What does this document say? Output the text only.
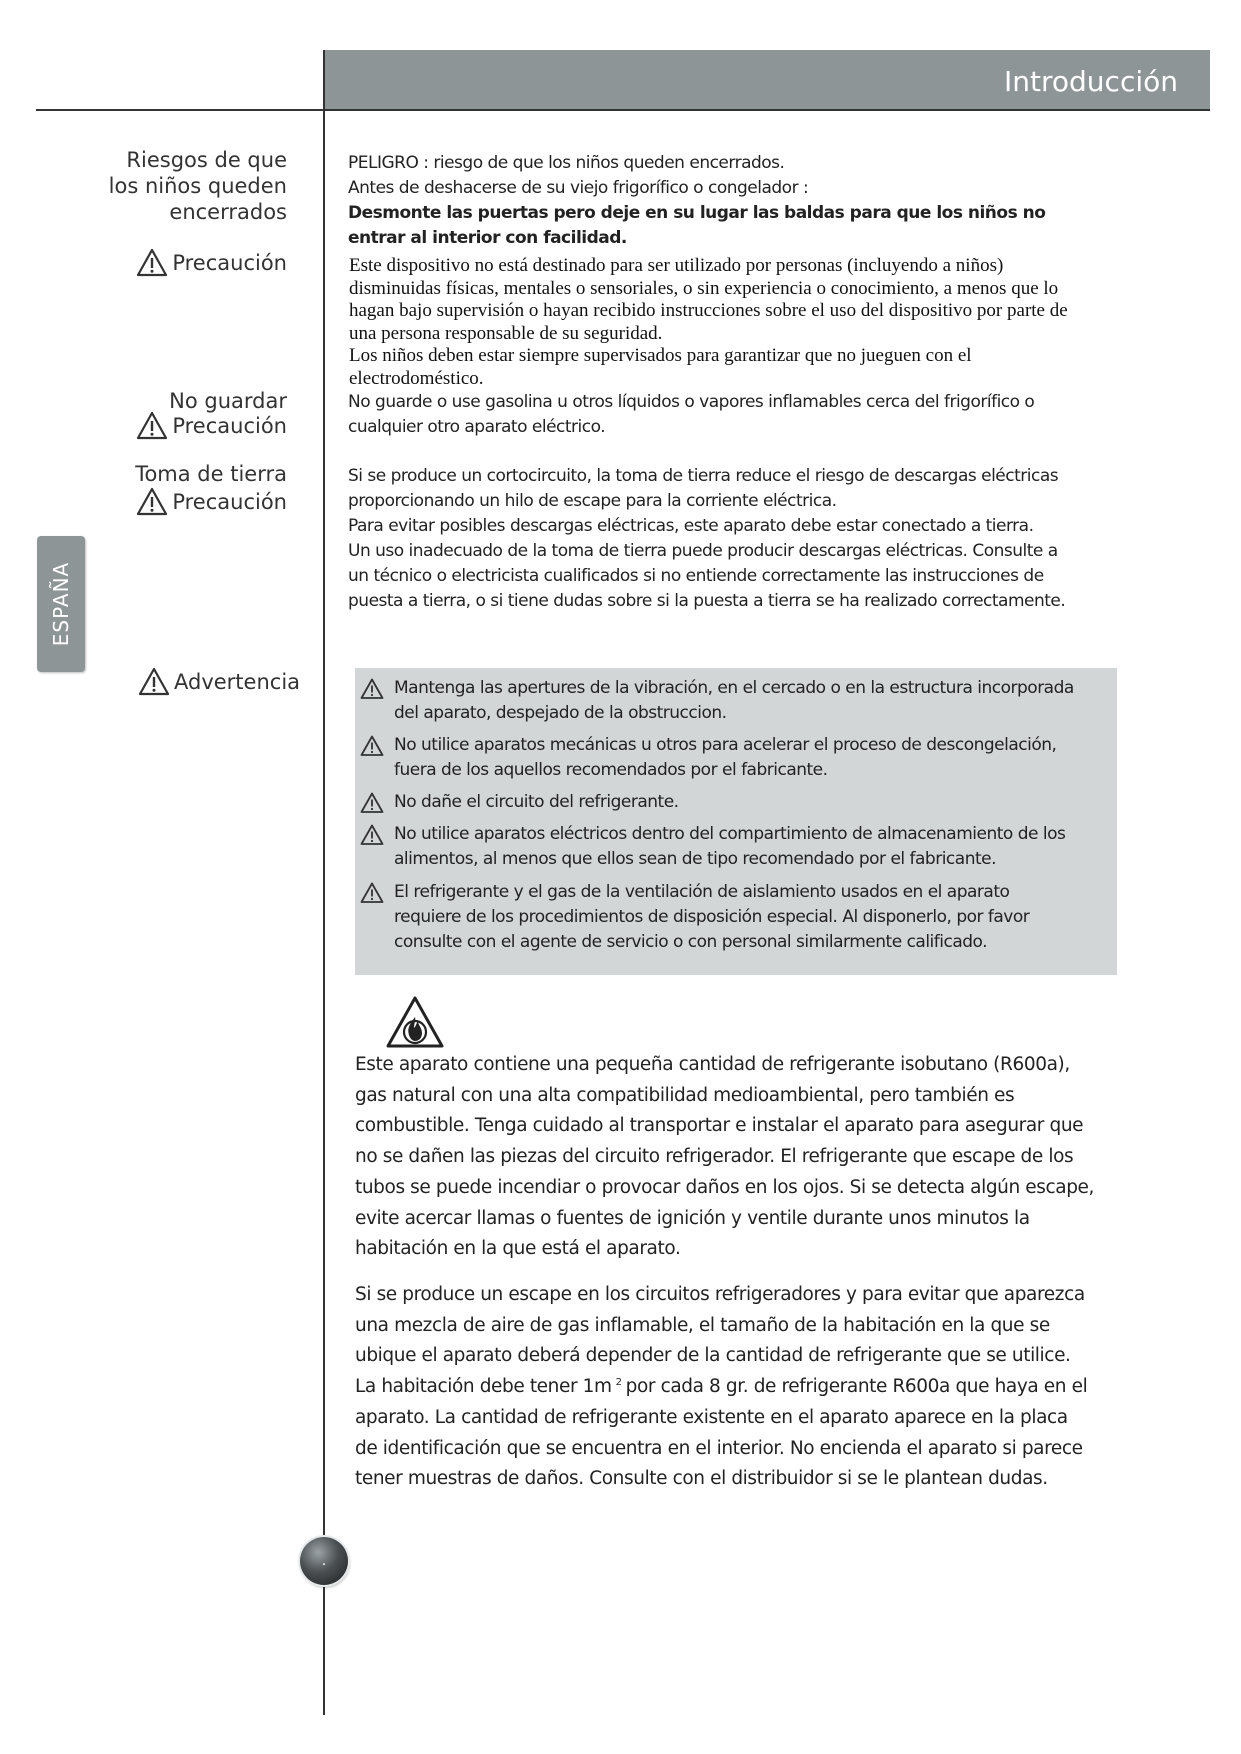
Introducción
ESPAÑA
Riesgos de que
los niños queden
encerrados
Precaución
No guardar
Precaución
Toma de tierra
Precaución
Advertencia

PELIGRO : riesgo de que los niños queden encerrados.

Antes de deshacerse de su viejo frigorífico o congelador :

Desmonte las puertas pero deje en su lugar las baldas para que los niños no entrar al interior con facilidad.

Este dispositivo no está destinado para ser utilizado por personas (incluyendo a niños) disminuidas físicas, mentales o sensoriales, o sin experiencia o conocimiento, a menos que lo hagan bajo supervisión o hayan recibido instrucciones sobre el uso del dispositivo por parte de una persona responsable de su seguridad.

Los niños deben estar siempre supervisados para garantizar que no jueguen con el electrodoméstico.

No guarde o use gasolina u otros líquidos o vapores inflamables cerca del frigorífico o cualquier otro aparato eléctrico.

Si se produce un cortocircuito, la toma de tierra reduce el riesgo de descargas eléctricas proporcionando un hilo de escape para la corriente eléctrica.

Para evitar posibles descargas eléctricas, este aparato debe estar conectado a tierra.

Un uso inadecuado de la toma de tierra puede producir descargas eléctricas. Consulte a un técnico o electricista cualificados si no entiende correctamente las instrucciones de puesta a tierra, o si tiene dudas sobre si la puesta a tierra se ha realizado correctamente.

Mantenga las apertures de la vibración, en el cercado o en la estructura incorporada del aparato, despejado de la obstruccion.
No utilice aparatos mecánicas u otros para acelerar el proceso de descongelación, fuera de los aquellos recomendados por el fabricante.
No dañe el circuito del refrigerante.
No utilice aparatos eléctricos dentro del compartimiento de almacenamiento de los alimentos, al menos que ellos sean de tipo recomendado por el fabricante.
El refrigerante y el gas de la ventilación de aislamiento usados en el aparato requiere de los procedimientos de disposición especial. Al disponerlo, por favor consulte con el agente de servicio o con personal similarmente calificado.

Este aparato contiene una pequeña cantidad de refrigerante isobutano (R600a), gas natural con una alta compatibilidad medioambiental, pero también es combustible. Tenga cuidado al transportar e instalar el aparato para asegurar que no se dañen las piezas del circuito refrigerador. El refrigerante que escape de los tubos se puede incendiar o provocar daños en los ojos. Si se detecta algún escape, evite acercar llamas o fuentes de ignición y ventile durante unos minutos la habitación en la que está el aparato.

Si se produce un escape en los circuitos refrigeradores y para evitar que aparezca una mezcla de aire de gas inflamable, el tamaño de la habitación en la que se ubique el aparato deberá depender de la cantidad de refrigerante que se utilice. La habitación debe tener 1m $^2$ por cada 8 gr. de refrigerante R600a que haya en el aparato. La cantidad de refrigerante existente en el aparato aparece en la placa de identificación que se encuentra en el interior. No encienda el aparato si parece tener muestras de daños. Consulte con el distribuidor si se le plantean dudas.

.
